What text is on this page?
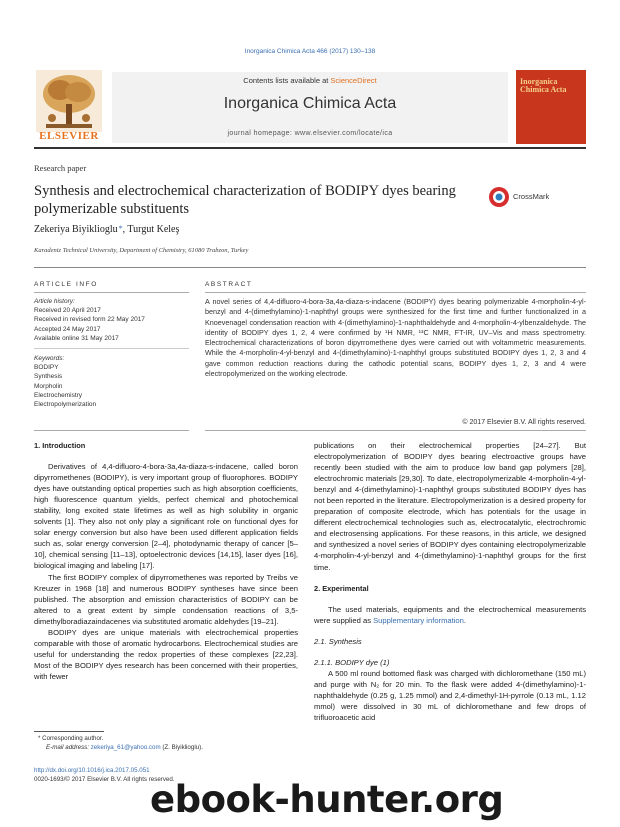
Inorganica Chimica Acta 466 (2017) 130–138
Contents lists available at ScienceDirect
Inorganica Chimica Acta
journal homepage: www.elsevier.com/locate/ica
ELSEVIER
Inorganica Chimica Acta
Research paper
Synthesis and electrochemical characterization of BODIPY dyes bearing polymerizable substituents
CrossMark
Zekeriya Biyiklioglu*, Turgut Keleş
Karadeniz Technical University, Department of Chemistry, 61080 Trabzon, Turkey
ARTICLE INFO	ABSTRACT
Article history:
Received 20 April 2017
Received in revised form 22 May 2017
Accepted 24 May 2017
Available online 31 May 2017
Keywords:
BODIPY
Synthesis
Morpholin
Electrochemistry
Electropolymerization
A novel series of 4,4-difluoro-4-bora-3a,4a-diaza-s-indacene (BODIPY) dyes bearing polymerizable 4-morpholin-4-yl-benzyl and 4-(dimethylamino)-1-naphthyl groups were synthesized for the first time and further functionalized in a Knoevenagel condensation reaction with 4-(dimethylamino)-1-naphthaldehyde and 4-morpholin-4-ylbenzaldehyde. The identity of BODIPY dyes 1, 2, 4 were confirmed by ¹H NMR, ¹³C NMR, FT-IR, UV–Vis and mass spectrometry. Electrochemical characterizations of boron dipyrromethene dyes were carried out with voltammetric measurements. While the 4-morpholin-4-yl-benzyl and 4-(dimethylamino)-1-naphthyl groups substituted BODIPY dyes 1, 2, 3 and 4 gave common reduction reactions during the cathodic potential scans, BODIPY dyes 1, 2, 3 and 4 were electropolymerized on the working electrode.
© 2017 Elsevier B.V. All rights reserved.

1. Introduction

Derivatives of 4,4-difluoro-4-bora-3a,4a-diaza-s-indacene, called boron dipyrromethenes (BODIPY), is very important group of fluorophores. BODIPY dyes have outstanding optical properties such as high absorption coefficients, high fluorescence quantum yields, perfect chemical and photochemical stability, long excited state lifetimes as well as high solubility in organic solvents [1]. They also not only play a significant role on functional dyes for solar energy conversion but also have been used different application fields such as, solar energy conversion [2–4], photodynamic therapy of cancer [5–10], chemical sensing [11–13], optoelectronic devices [14,15], laser dyes [16], biological imaging and labeling [17].

The first BODIPY complex of dipyrromethenes was reported by Treibs ve Kreuzer in 1968 [18] and numerous BODIPY syntheses have since been published. The absorption and emission characteristics of BODIPY can be altered to a great extent by simple condensation reactions of 3,5-dimethylboradiazaindacenes via substituted aromatic aldehydes [19–21].

BODIPY dyes are unique materials with electrochemical properties comparable with those of aromatic hydrocarbons. Electrochemical studies are useful for understanding the redox properties of these complexes [22,23]. Most of the BODIPY dyes research has been concerned with their properties, with fewer

publications on their electrochemical properties [24–27]. But electropolymerization of BODIPY dyes bearing electroactive groups have recently been studied with the aim to produce low band gap polymers [28], electrochromic materials [29,30]. To date, electropolymerizable 4-morpholin-4-yl-benzyl and 4-(dimethylamino)-1-naphthyl groups substituted BODIPY dyes has not been reported in the literature. Electropolymerization is a desired property for preparation of composite electrode, which has potentials for the usage in different electrochemical technologies such as, electrocatalytic, electrochromic and electrosensing applications. For these reasons, in this article, we designed and synthesized a novel series of BODIPY dyes containing electropolymerizable 4-morpholin-4-yl-benzyl and 4-(dimethylamino)-1-naphthyl groups for the first time.

2. Experimental

The used materials, equipments and the electrochemical measurements were supplied as Supplementary information.

2.1. Synthesis

2.1.1. BODIPY dye (1)

A 500 ml round bottomed flask was charged with dichloromethane (150 mL) and purge with N₂ for 20 min. To the flask were added 4-(dimethylamino)-1-naphthaldehyde (0.25 g, 1.25 mmol) and 2,4-dimethyl-1H-pyrrole (0.13 mL, 1.12 mmol) were dissolved in 30 mL of dichloromethane and few drops of trifluoroacetic acid

* Corresponding author.
E-mail address: zekeriya_61@yahoo.com (Z. Biyiklioglu).
http://dx.doi.org/10.1016/j.ica.2017.05.051
0020-1693/© 2017 Elsevier B.V. All rights reserved.
ebook-hunter.org
